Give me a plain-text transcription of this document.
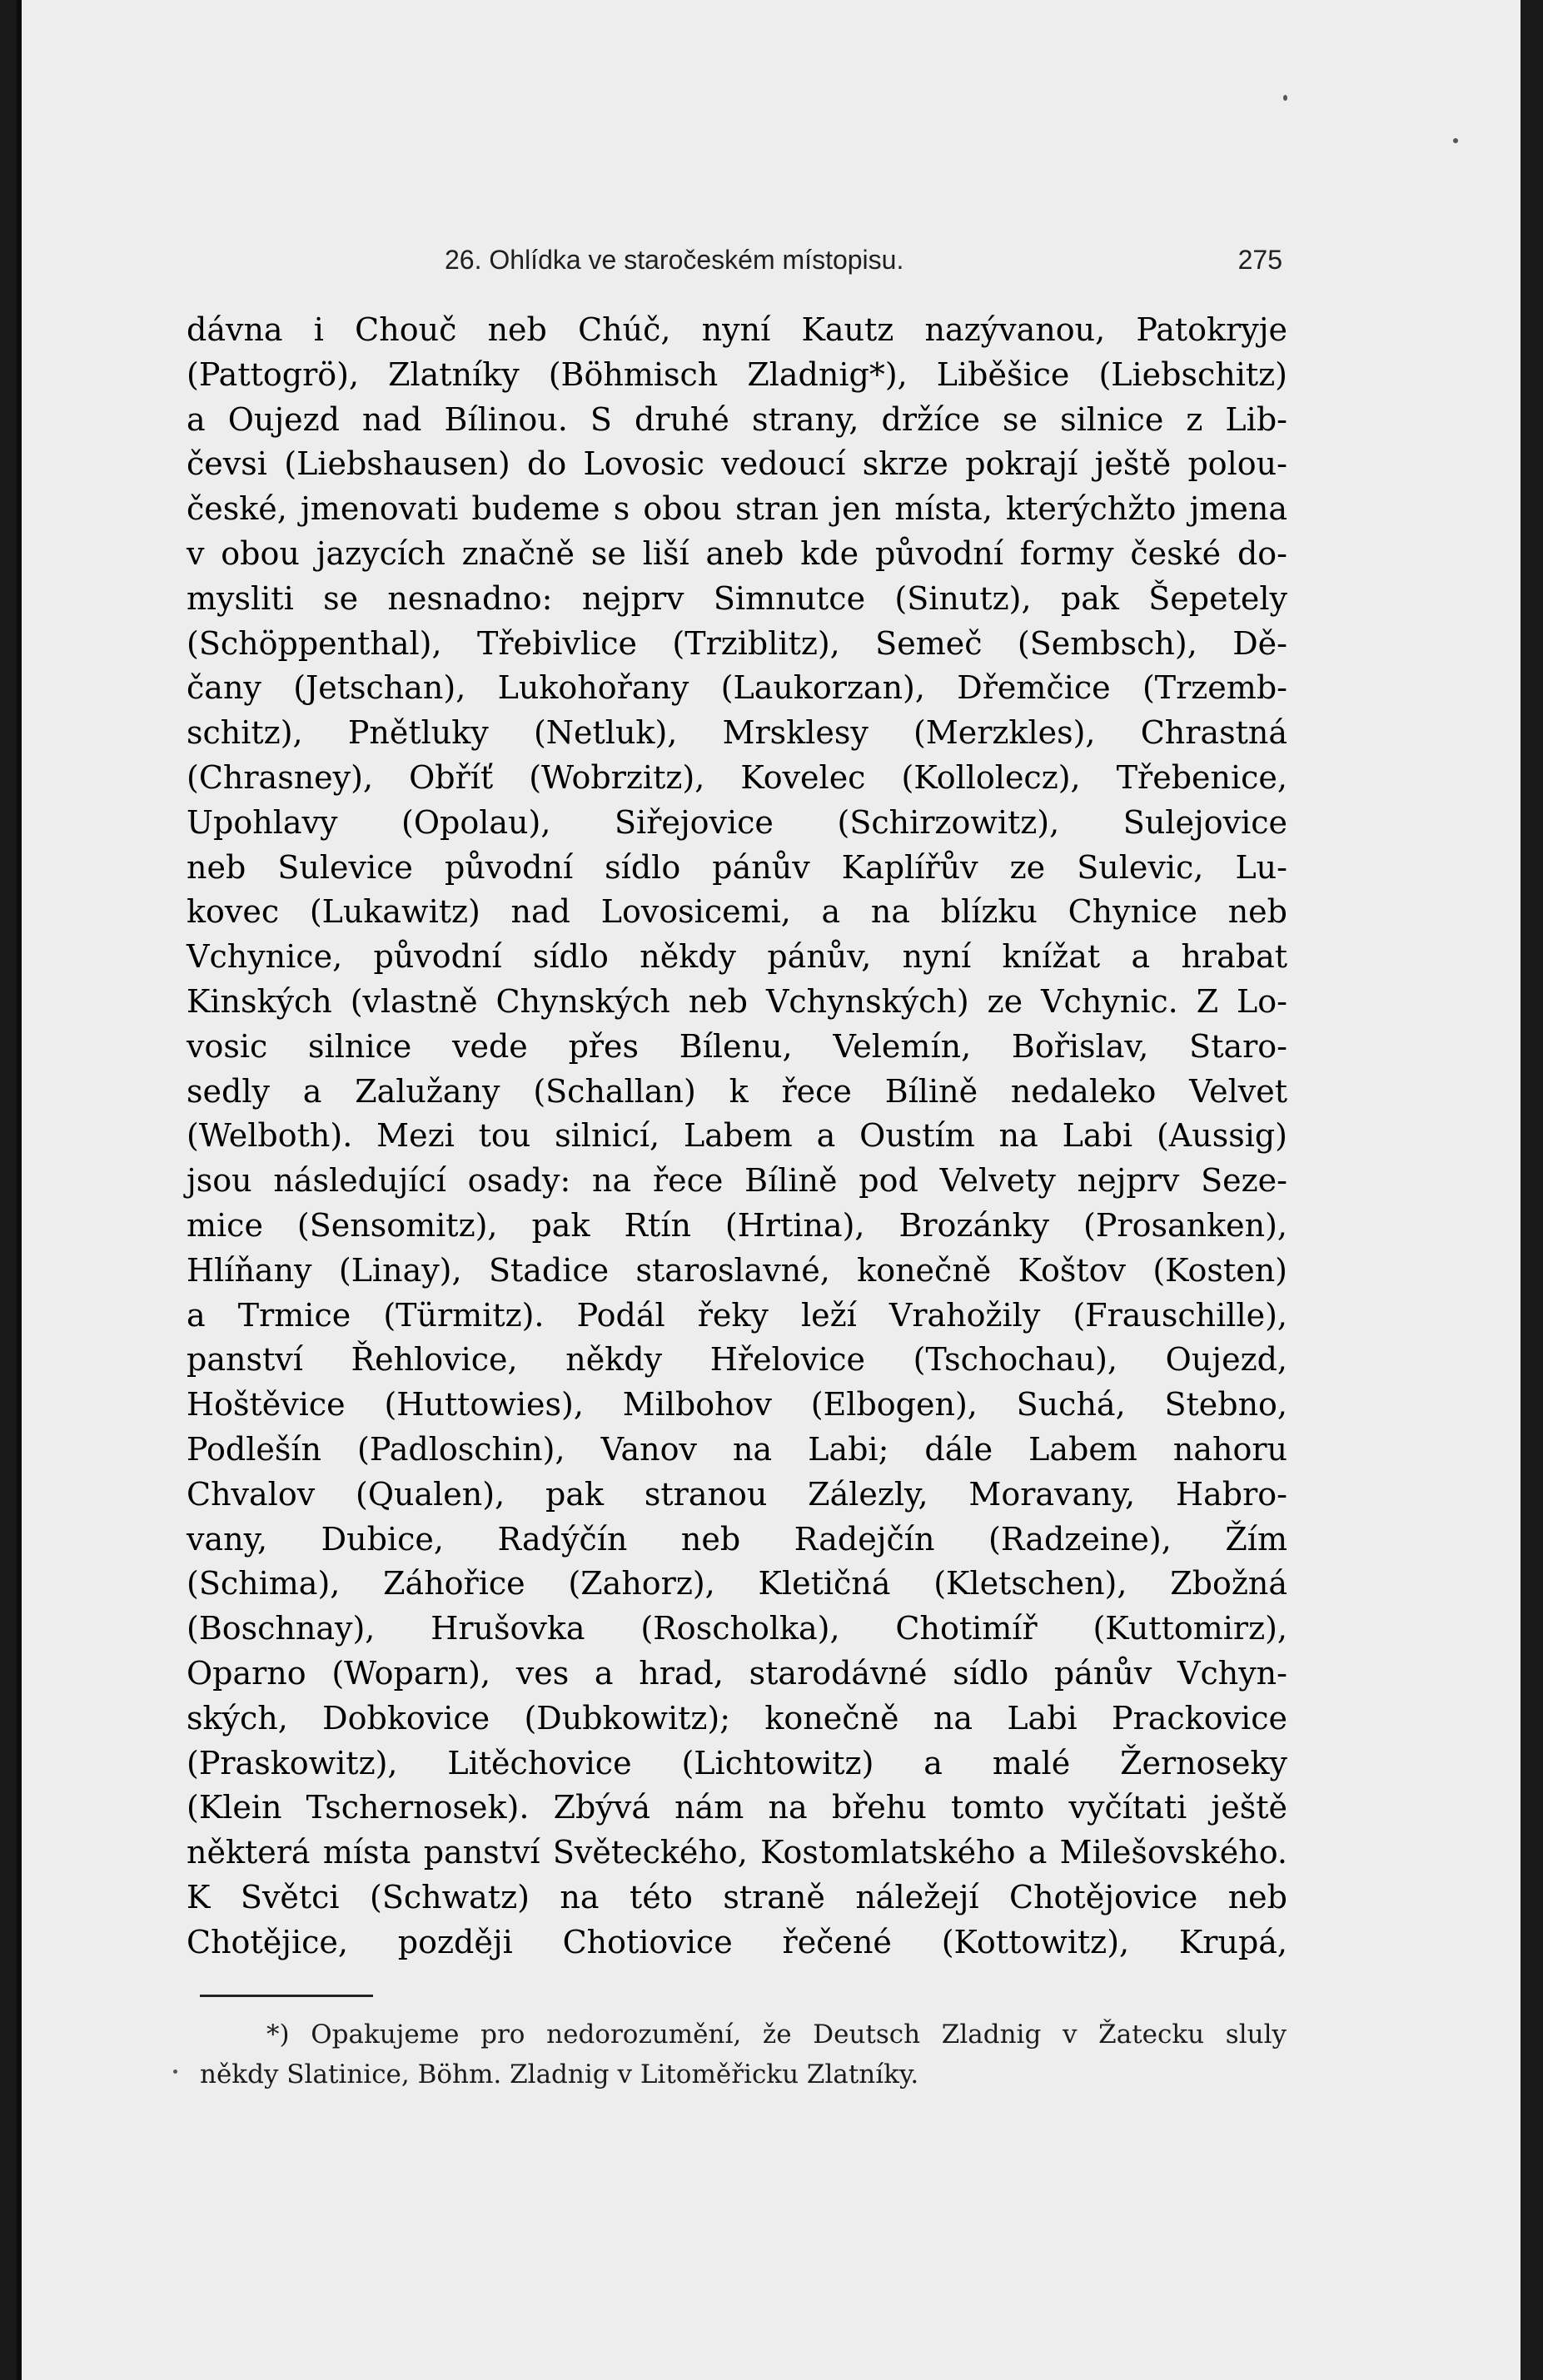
26. Ohlídka ve staročeském místopisu.	275
dávna i Chouč neb Chúč, nyní Kautz nazývanou, Patokryje
(Pattogrö), Zlatníky (Böhmisch Zladnig*), Liběšice (Liebschitz)
a Oujezd nad Bílinou. S druhé strany, držíce se silnice z Lib-
čevsi (Liebshausen) do Lovosic vedoucí skrze pokrají ještě polou-
české, jmenovati budeme s obou stran jen místa, kterýchžto jmena
v obou jazycích značně se liší aneb kde původní formy české do-
mysliti se nesnadno: nejprv Simnutce (Sinutz), pak Šepetely
(Schöppenthal), Třebivlice (Trziblitz), Semeč (Sembsch), Dě-
čany (Jetschan), Lukohořany (Laukorzan), Dřemčice (Trzemb-
schitz), Pnětluky (Netluk), Mrsklesy (Merzkles), Chrastná
(Chrasney), Obříť (Wobrzitz), Kovelec (Kollolecz), Třebenice,
Upohlavy (Opolau), Siřejovice (Schirzowitz), Sulejovice
neb Sulevice původní sídlo pánův Kaplířův ze Sulevic, Lu-
kovec (Lukawitz) nad Lovosicemi, a na blízku Chynice neb
Vchynice, původní sídlo někdy pánův, nyní knížat a hrabat
Kinských (vlastně Chynských neb Vchynských) ze Vchynic. Z Lo-
vosic silnice vede přes Bílenu, Velemín, Bořislav, Staro-
sedly a Zalužany (Schallan) k řece Bílině nedaleko Velvet
(Welboth). Mezi tou silnicí, Labem a Oustím na Labi (Aussig)
jsou následující osady: na řece Bílině pod Velvety nejprv Seze-
mice (Sensomitz), pak Rtín (Hrtina), Brozánky (Prosanken),
Hlíňany (Linay), Stadice staroslavné, konečně Koštov (Kosten)
a Trmice (Türmitz). Podál řeky leží Vrahožily (Frauschille),
panství Řehlovice, někdy Hřelovice (Tschochau), Oujezd,
Hoštěvice (Huttowies), Milbohov (Elbogen), Suchá, Stebno,
Podlešín (Padloschin), Vanov na Labi; dále Labem nahoru
Chvalov (Qualen), pak stranou Zálezly, Moravany, Habro-
vany, Dubice, Radýčín neb Radejčín (Radzeine), Žím
(Schima), Záhořice (Zahorz), Kletičná (Kletschen), Zbožná
(Boschnay), Hrušovka (Roscholka), Chotimíř (Kuttomirz),
Oparno (Woparn), ves a hrad, starodávné sídlo pánův Vchyn-
ských, Dobkovice (Dubkowitz); konečně na Labi Prackovice
(Praskowitz), Litěchovice (Lichtowitz) a malé Žernoseky
(Klein Tschernosek). Zbývá nám na břehu tomto vyčítati ještě
některá místa panství Světeckého, Kostomlatského a Milešovského.
K Světci (Schwatz) na této straně náležejí Chotějovice neb
Chotějice, později Chotiovice řečené (Kottowitz), Krupá,
*) Opakujeme pro nedorozumění, že Deutsch Zladnig v Žatecku sluly
někdy Slatinice, Böhm. Zladnig v Litoměřicku Zlatníky.
